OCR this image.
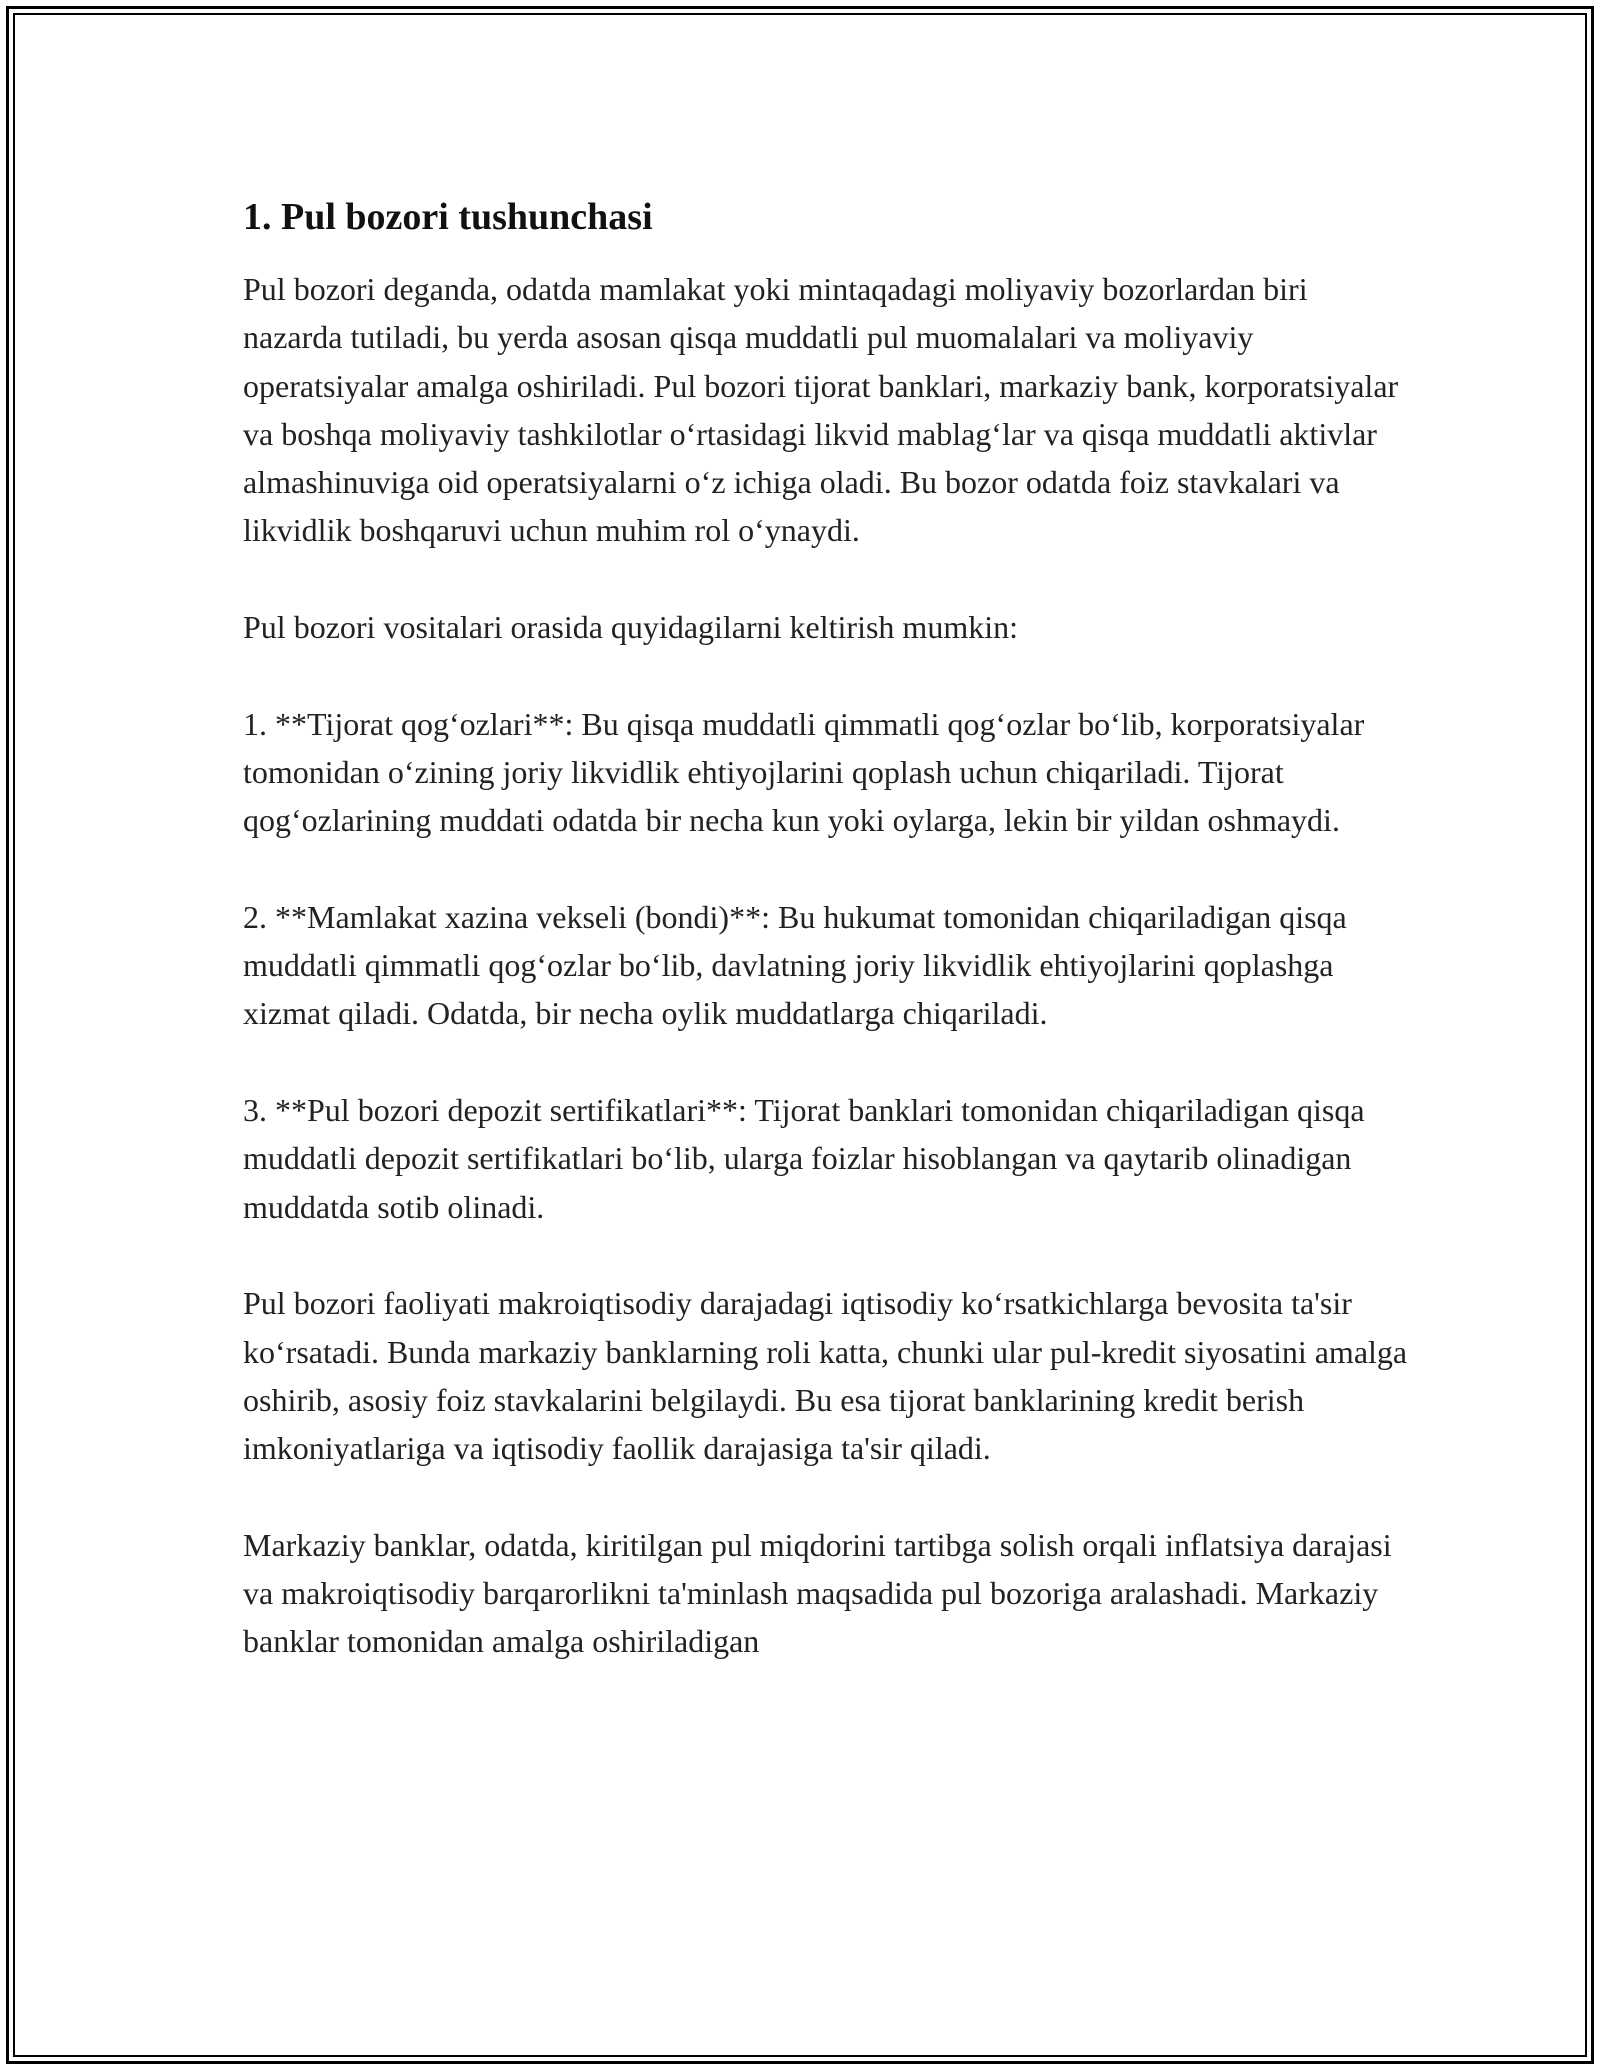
1. Pul bozori tushunchasi

Pul bozori deganda, odatda mamlakat yoki mintaqadagi moliyaviy bozorlardan biri nazarda tutiladi, bu yerda asosan qisqa muddatli pul muomalalari va moliyaviy operatsiyalar amalga oshiriladi. Pul bozori tijorat banklari, markaziy bank, korporatsiyalar va boshqa moliyaviy tashkilotlar o‘rtasidagi likvid mablag‘lar va qisqa muddatli aktivlar almashinuviga oid operatsiyalarni o‘z ichiga oladi. Bu bozor odatda foiz stavkalari va likvidlik boshqaruvi uchun muhim rol o‘ynaydi.

Pul bozori vositalari orasida quyidagilarni keltirish mumkin:

1. **Tijorat qog‘ozlari**: Bu qisqa muddatli qimmatli qog‘ozlar bo‘lib, korporatsiyalar tomonidan o‘zining joriy likvidlik ehtiyojlarini qoplash uchun chiqariladi. Tijorat qog‘ozlarining muddati odatda bir necha kun yoki oylarga, lekin bir yildan oshmaydi.

2. **Mamlakat xazina vekseli (bondi)**: Bu hukumat tomonidan chiqariladigan qisqa muddatli qimmatli qog‘ozlar bo‘lib, davlatning joriy likvidlik ehtiyojlarini qoplashga xizmat qiladi. Odatda, bir necha oylik muddatlarga chiqariladi.

3. **Pul bozori depozit sertifikatlari**: Tijorat banklari tomonidan chiqariladigan qisqa muddatli depozit sertifikatlari bo‘lib, ularga foizlar hisoblangan va qaytarib olinadigan muddatda sotib olinadi.

Pul bozori faoliyati makroiqtisodiy darajadagi iqtisodiy ko‘rsatkichlarga bevosita ta'sir ko‘rsatadi. Bunda markaziy banklarning roli katta, chunki ular pul-kredit siyosatini amalga oshirib, asosiy foiz stavkalarini belgilaydi. Bu esa tijorat banklarining kredit berish imkoniyatlariga va iqtisodiy faollik darajasiga ta'sir qiladi.

Markaziy banklar, odatda, kiritilgan pul miqdorini tartibga solish orqali inflatsiya darajasi va makroiqtisodiy barqarorlikni ta'minlash maqsadida pul bozoriga aralashadi. Markaziy banklar tomonidan amalga oshiriladigan
